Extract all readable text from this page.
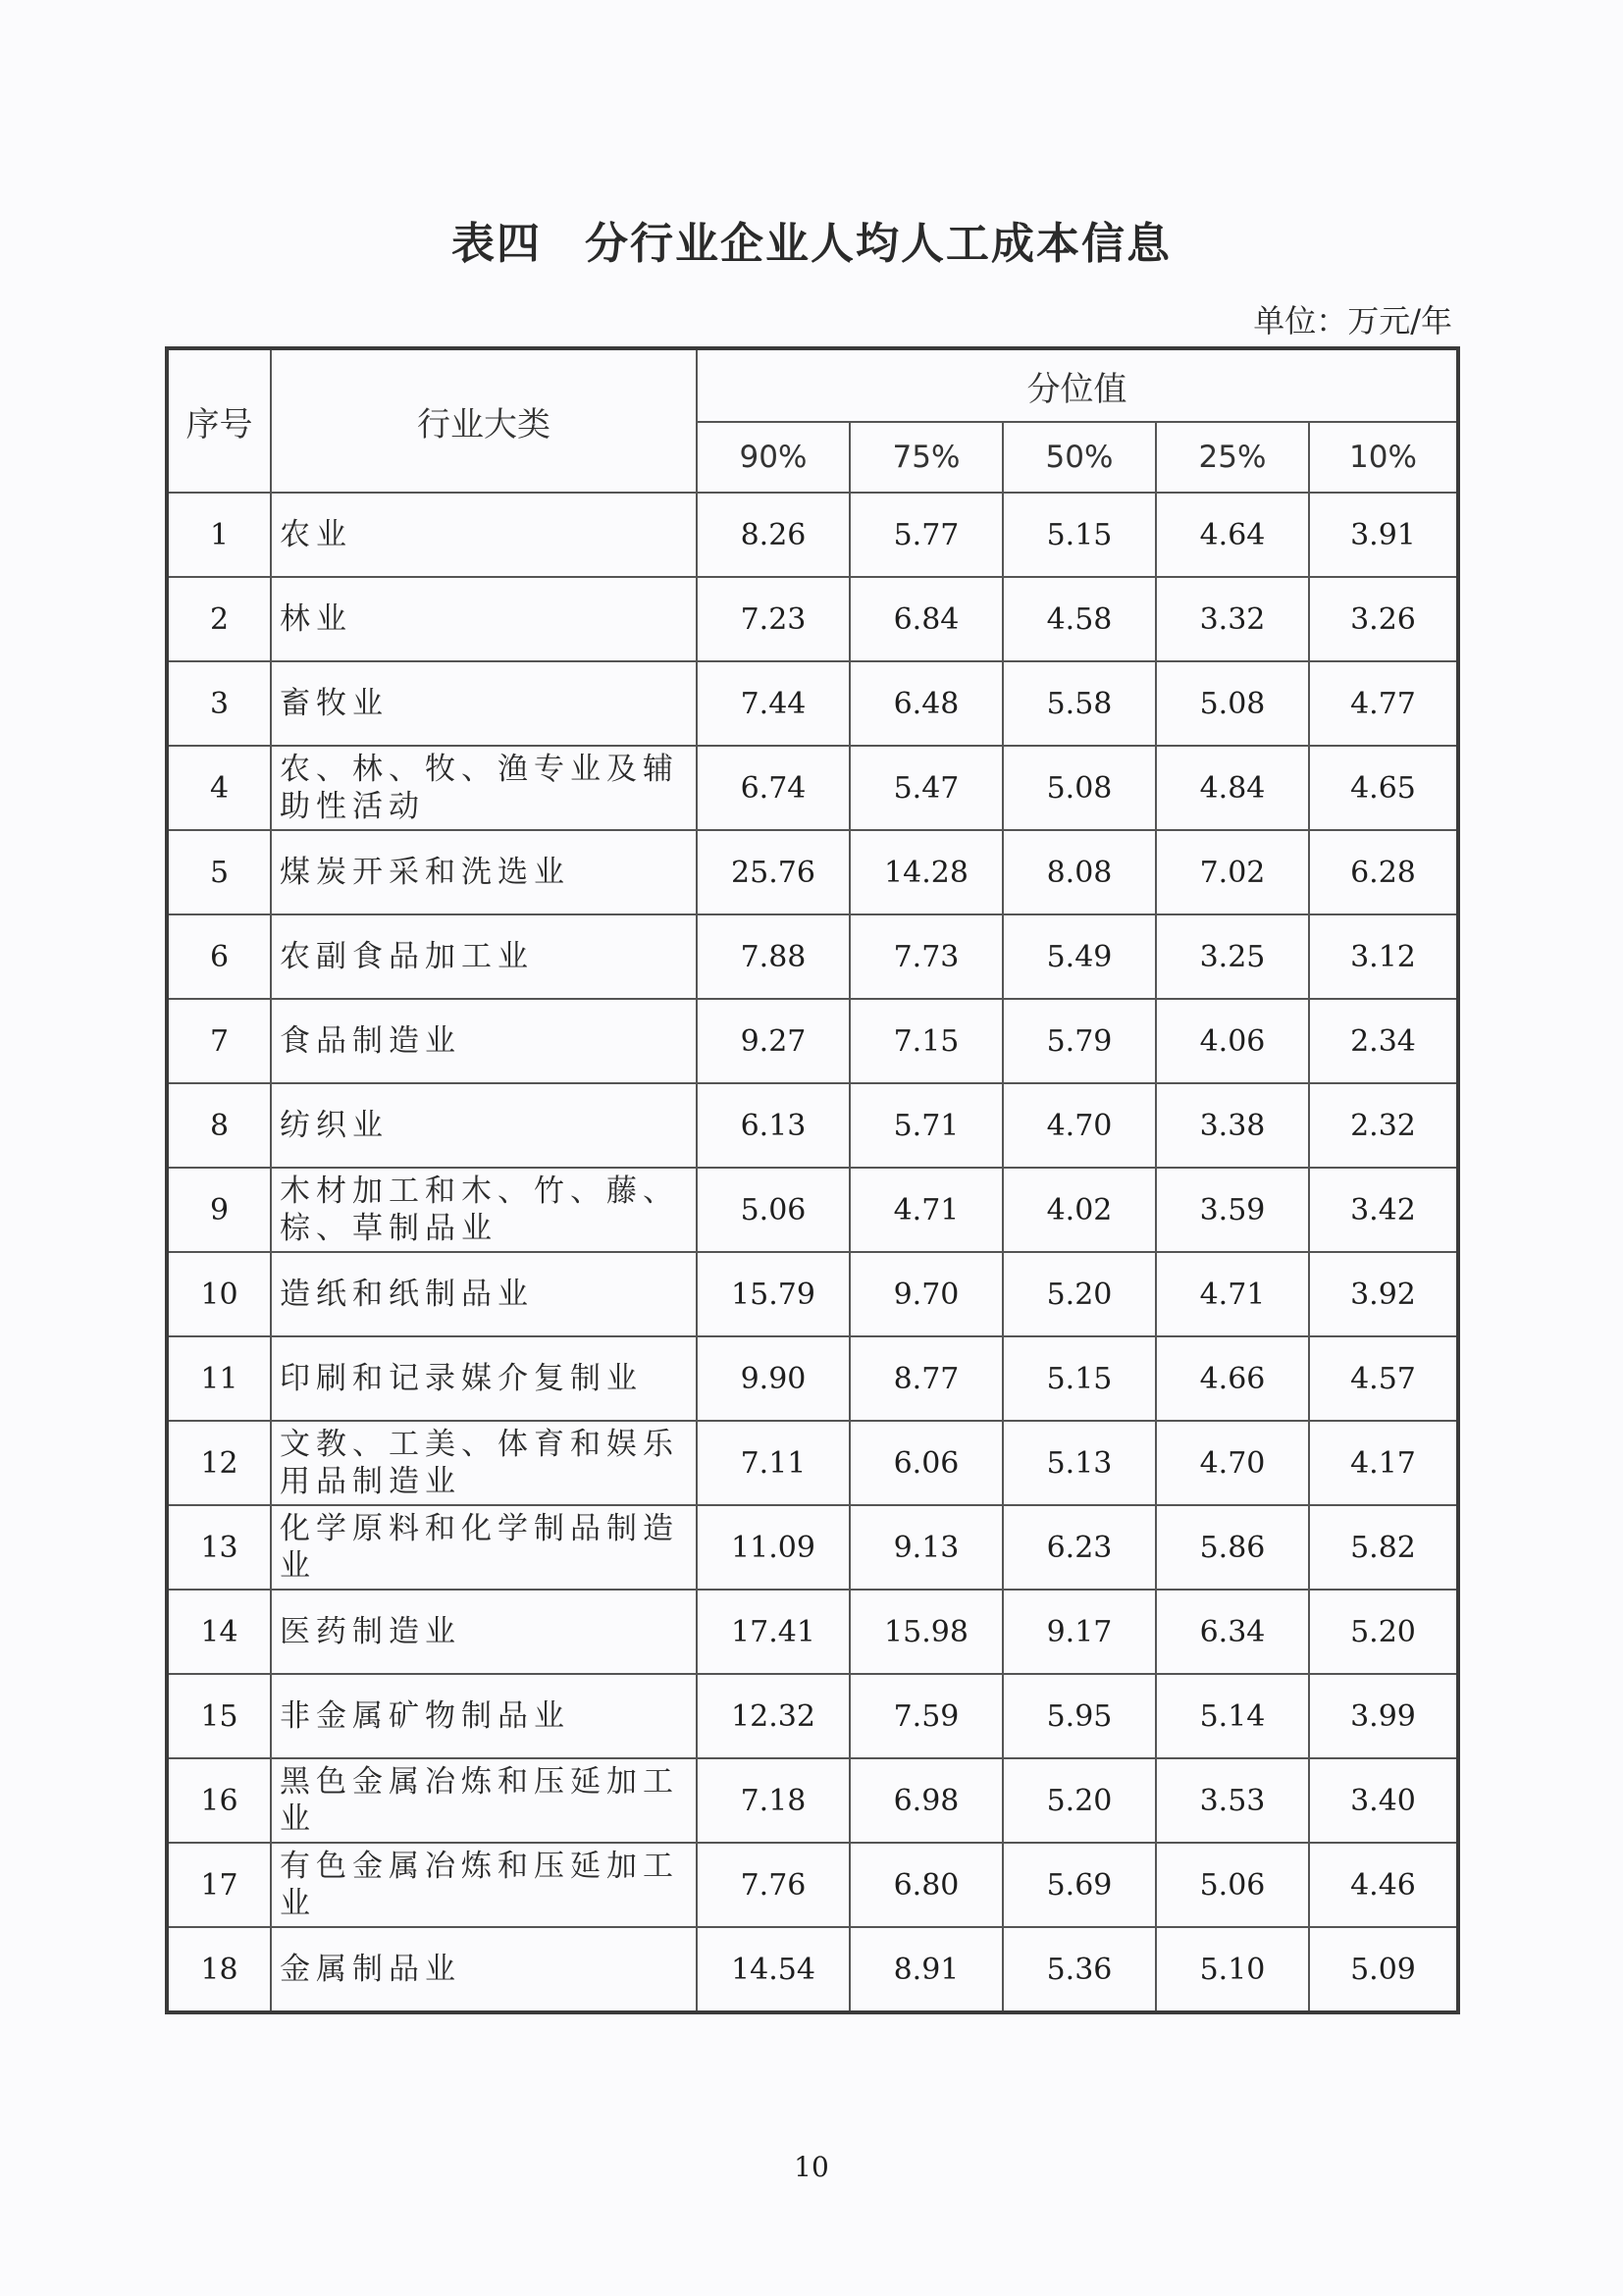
表四 分行业企业人均人工成本信息
单位：万元/年
序号	行业大类	分位值				
		90%	75%	50%	25%	10%
1	农业	8.26	5.77	5.15	4.64	3.91
2	林业	7.23	6.84	4.58	3.32	3.26
3	畜牧业	7.44	6.48	5.58	5.08	4.77
4	农、林、牧、渔专业及辅助性活动	6.74	5.47	5.08	4.84	4.65
5	煤炭开采和洗选业	25.76	14.28	8.08	7.02	6.28
6	农副食品加工业	7.88	7.73	5.49	3.25	3.12
7	食品制造业	9.27	7.15	5.79	4.06	2.34
8	纺织业	6.13	5.71	4.70	3.38	2.32
9	木材加工和木、竹、藤、棕、草制品业	5.06	4.71	4.02	3.59	3.42
10	造纸和纸制品业	15.79	9.70	5.20	4.71	3.92
11	印刷和记录媒介复制业	9.90	8.77	5.15	4.66	4.57
12	文教、工美、体育和娱乐用品制造业	7.11	6.06	5.13	4.70	4.17
13	化学原料和化学制品制造业	11.09	9.13	6.23	5.86	5.82
14	医药制造业	17.41	15.98	9.17	6.34	5.20
15	非金属矿物制品业	12.32	7.59	5.95	5.14	3.99
16	黑色金属冶炼和压延加工业	7.18	6.98	5.20	3.53	3.40
17	有色金属冶炼和压延加工业	7.76	6.80	5.69	5.06	4.46
18	金属制品业	14.54	8.91	5.36	5.10	5.09
10
